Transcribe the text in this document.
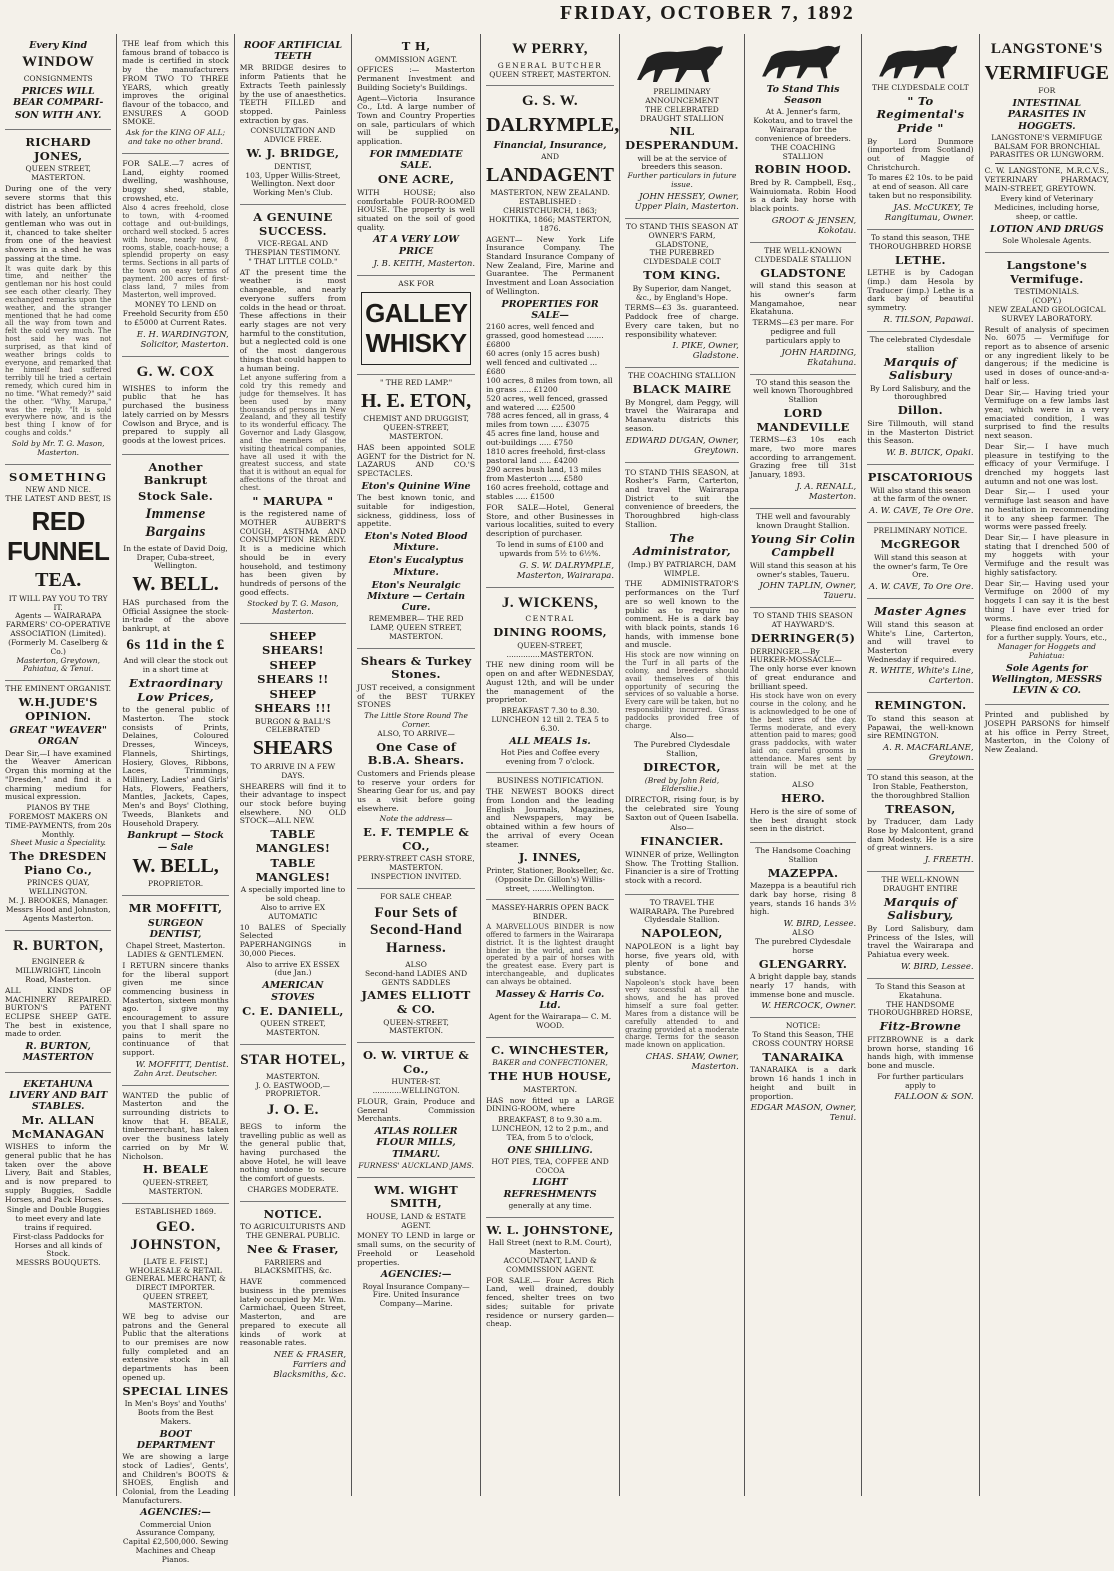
FRIDAY, OCTOBER 7, 1892
Every Kind
WINDOW
CONSIGNMENTS
PRICES WILL BEAR COMPARI-
SON WITH ANY.
RICHARD JONES,
QUEEN STREET, MASTERTON.
During one of the very severe storms that this district has been afflicted with lately, an unfortunate gentleman who was out in it, chanced to take shelter from one of the heaviest showers in a shed he was passing at the time.
It was quite dark by this time, and neither the gentleman nor his host could see each other clearly. They exchanged remarks upon the weather, and the stranger mentioned that he had come all the way from town and felt the cold very much. The host said he was not surprised, as that kind of weather brings colds to everyone, and remarked that he himself had suffered terribly till he tried a certain remedy, which cured him in no time. "What remedy?" said the other. "Why, Marupa," was the reply. "It is sold everywhere now, and is the best thing I know of for coughs and colds."
Sold by Mr. T. G. Mason, Masterton.
SOMETHING
NEW AND NICE.
THE LATEST AND BEST, IS
RED FUNNEL
TEA.
IT WILL PAY YOU TO TRY IT.
Agents — WAIRARAPA FARMERS' CO-OPERATIVE ASSOCIATION (Limited). (Formerly M. Caselberg & Co.)
Masterton, Greytown, Pahiatua, & Tenui.
THE EMINENT ORGANIST.
W.H.JUDE'S OPINION.
GREAT "WEAVER" ORGAN
Dear Sir,—I have examined the Weaver American Organ this morning at the "Dresden," and find it a charming medium for musical expression.
PIANOS BY THE FOREMOST MAKERS ON TIME-PAYMENTS, from 20s Monthly.
Sheet Music a Speciality.
The DRESDEN Piano Co.,
PRINCES QUAY, WELLINGTON.
M. J. BROOKES, Manager.
Messrs Hood and Johnston, Agents Masterton.
R. BURTON,
ENGINEER & MILLWRIGHT, Lincoln Road, Masterton.
ALL KINDS OF MACHINERY REPAIRED. BURTON'S PATENT ECLIPSE SHEEP GATE. The best in existence, made to order.
R. BURTON, MASTERTON
EKETAHUNA LIVERY AND BAIT STABLES.
Mr. ALLAN McMANAGAN
WISHES to inform the general public that he has taken over the above Livery, Bait and Stables, and is now prepared to supply Buggies, Saddle Horses, and Pack Horses.
Single and Double Buggies to meet every and late trains if required.
First-class Paddocks for Horses and all kinds of Stock.
MESSRS BOUQUETS.
THE leaf from which this famous brand of tobacco is made is certified in stock by the manufacturers FROM TWO TO THREE YEARS, which greatly improves the original flavour of the tobacco, and ENSURES A GOOD SMOKE.
Ask for the KING OF ALL; and take no other brand.
FOR SALE.—7 acres of Land, eighty roomed dwelling, washhouse, buggy shed, stable, crowshed, etc.
Also 4 acres freehold, close to town, with 4-roomed cottage and out-buildings, orchard well stocked. 5 acres with house, nearly new, 8 rooms, stable, coach-house; a splendid property on easy terms. Sections in all parts of the town on easy terms of payment. 200 acres of first-class land, 7 miles from Masterton, well improved.
MONEY TO LEND on Freehold Security from £50 to £5000 at Current Rates.
E. H. WARDINGTON, Solicitor, Masterton.
G. W. COX
WISHES to inform the public that he has purchased the business lately carried on by Messrs Cowlson and Bryce, and is prepared to supply all goods at the lowest prices.
Another Bankrupt
Stock Sale.
Immense Bargains
In the estate of David Doig, Draper, Cuba-street, Wellington.
W. BELL.
HAS purchased from the Official Assignee the stock-in-trade of the above bankrupt, at
6s 11d in the £
And will clear the stock out in a short time at
Extraordinary Low Prices,
to the general public of Masterton. The stock consists of Prints, Delaines, Coloured Dresses, Winceys, Flannels, Shirtings, Hosiery, Gloves, Ribbons, Laces, Trimmings, Millinery, Ladies' and Girls' Hats, Flowers, Feathers, Mantles, Jackets, Capes, Men's and Boys' Clothing, Tweeds, Blankets and Household Drapery.
Bankrupt — Stock — Sale
W. BELL,
PROPRIETOR.
MR MOFFITT,
SURGEON DENTIST,
Chapel Street, Masterton.
LADIES & GENTLEMEN.
I RETURN sincere thanks for the liberal support given me since commencing business in Masterton, sixteen months ago. I give my encouragement to assure you that I shall spare no pains to merit the continuance of that support.
W. MOFFITT, Dentist.
Zahn Arzt. Deutscher.
WANTED the public of Masterton and the surrounding districts to know that H. BEALE, timbermerchant, has taken over the business lately carried on by Mr W. Nicholson.
H. BEALE
QUEEN-STREET, MASTERTON.
ESTABLISHED 1869.
GEO. JOHNSTON,
[LATE E. FEIST.]
WHOLESALE & RETAIL GENERAL MERCHANT, & DIRECT IMPORTER.
QUEEN STREET, MASTERTON.
WE beg to advise our patrons and the General Public that the alterations to our premises are now fully completed and an extensive stock in all departments has been opened up.
SPECIAL LINES
In Men's Boys' and Youths' Boots from the Best Makers.
BOOT DEPARTMENT
We are showing a large stock of Ladies', Gents', and Children's BOOTS & SHOES, English and Colonial, from the Leading Manufacturers.
AGENCIES:—
Commercial Union Assurance Company, Capital £2,500,000. Sewing Machines and Cheap Pianos.
ROOF ARTIFICIAL TEETH
MR BRIDGE desires to inform Patients that he Extracts Teeth painlessly by the use of anaesthetics. TEETH FILLED and stopped. Painless extraction by gas.
CONSULTATION AND ADVICE FREE.
W. J. BRIDGE,
DENTIST,
103, Upper Willis-Street, Wellington. Next door Working Men's Club.
A GENUINE SUCCESS.
VICE-REGAL AND THESPIAN TESTIMONY.
" THAT LITTLE COLD."
AT the present time the weather is most changeable, and nearly everyone suffers from colds in the head or throat. These affections in their early stages are not very harmful to the constitution, but a neglected cold is one of the most dangerous things that could happen to a human being.
Let anyone suffering from a cold try this remedy and judge for themselves. It has been used by many thousands of persons in New Zealand, and they all testify to its wonderful efficacy. The Governor and Lady Glasgow, and the members of the visiting theatrical companies, have all used it with the greatest success, and state that it is without an equal for affections of the throat and chest.
" MARUPA "
is the registered name of MOTHER AUBERT'S COUGH, ASTHMA AND CONSUMPTION REMEDY. It is a medicine which should be in every household, and testimony has been given by hundreds of persons of the good effects.
Stocked by T. G. Mason, Masterton.
SHEEP SHEARS!
SHEEP SHEARS !!
SHEEP SHEARS !!!
BURGON & BALL'S
CELEBRATED
SHEARS
TO ARRIVE IN A FEW DAYS.
SHEARERS will find it to their advantage to inspect our stock before buying elsewhere. NO OLD STOCK—ALL NEW.
TABLE MANGLES!
TABLE MANGLES!
A specially imported line to be sold cheap.
Also to arrive EX AUTOMATIC
10 BALES of Specially Selected PAPERHANGINGS in 30,000 Pieces.
Also to arrive EX ESSEX (due Jan.)
AMERICAN STOVES
C. E. DANIELL,
QUEEN STREET, MASTERTON.
STAR HOTEL,
MASTERTON.
J. O. EASTWOOD,—PROPRIETOR.
J. O. E.
BEGS to inform the travelling public as well as the general public that, having purchased the above Hotel, he will leave nothing undone to secure the comfort of guests.
CHARGES MODERATE.
NOTICE.
TO AGRICULTURISTS AND THE GENERAL PUBLIC.
Nee & Fraser,
FARRIERS and BLACKSMITHS, &c.
HAVE commenced business in the premises lately occupied by Mr. Wm. Carmichael, Queen Street, Masterton, and are prepared to execute all kinds of work at reasonable rates.
NEE & FRASER, Farriers and Blacksmiths, &c.
T H,
OMMISSION AGENT.
OFFICES :— Masterton Permanent Investment and Building Society's Buildings.
Agent—Victoria Insurance Co., Ltd. A large number of Town and Country Properties on sale, particulars of which will be supplied on application.
FOR IMMEDIATE SALE.
ONE ACRE,
WITH HOUSE; also comfortable FOUR-ROOMED HOUSE. The property is well situated on the soil of good quality.
AT A VERY LOW PRICE
J. B. KEITH, Masterton.
ASK FOR
GALLEY WHISKY
" THE RED LAMP."
H. E. ETON,
CHEMIST AND DRUGGIST,
QUEEN-STREET, MASTERTON.
HAS been appointed SOLE AGENT for the District for N. LAZARUS AND CO.'S SPECTACLES.
Eton's Quinine Wine
The best known tonic, and suitable for indigestion, sickness, giddiness, loss of appetite.
Eton's Noted Blood Mixture.
Eton's Eucalyptus Mixture.
Eton's Neuralgic Mixture — Certain Cure.
REMEMBER— THE RED LAMP, QUEEN STREET, MASTERTON.
Shears & Turkey Stones.
JUST received, a consignment of the BEST TURKEY STONES
The Little Store Round The Corner.
ALSO, TO ARRIVE—
One Case of B.B.A. Shears.
Customers and Friends please to reserve your orders for Shearing Gear for us, and pay us a visit before going elsewhere.
Note the address—
E. F. TEMPLE & CO.,
PERRY-STREET CASH STORE, MASTERTON.
INSPECTION INVITED.
FOR SALE CHEAP.
Four Sets of Second-Hand Harness.
ALSO
Second-hand LADIES AND GENTS SADDLES
JAMES ELLIOTT & CO.
QUEEN-STREET, MASTERTON.
O. W. VIRTUE & Co.,
HUNTER-ST. ............WELLINGTON.
FLOUR, Grain, Produce and General Commission Merchants.
ATLAS ROLLER FLOUR MILLS, TIMARU.
FURNESS' AUCKLAND JAMS.
WM. WIGHT SMITH,
HOUSE, LAND & ESTATE AGENT.
MONEY TO LEND in large or small sums, on the security of Freehold or Leasehold properties.
AGENCIES:—
Royal Insurance Company—Fire. United Insurance Company—Marine.
W PERRY,
GENERAL BUTCHER
QUEEN STREET, MASTERTON.
G. S. W.
DALRYMPLE,
Financial, Insurance,
AND
LANDAGENT
MASTERTON, NEW ZEALAND.
ESTABLISHED : CHRISTCHURCH, 1863; HOKITIKA, 1866; MASTERTON, 1876.
AGENT— New York Life Insurance Company. The Standard Insurance Company of New Zealand, Fire, Marine and Guarantee. The Permanent Investment and Loan Association of Wellington.
PROPERTIES FOR SALE—
2160 acres, well fenced and grassed, good homestead ....... £6800
60 acres (only 15 acres bush) well fenced and cultivated ... £680
100 acres, 8 miles from town, all in grass ..... £1200
520 acres, well fenced, grassed and watered ..... £2500
788 acres fenced, all in grass, 4 miles from town ..... £3075
45 acres fine land, house and out-buildings ..... £750
1810 acres freehold, first-class pastoral land ..... £4200
290 acres bush land, 13 miles from Masterton ..... £580
160 acres freehold, cottage and stables ..... £1500
FOR SALE—Hotel, General Store, and other Businesses in various localities, suited to every description of purchaser.
To lend in sums of £100 and upwards from 5½ to 6½%.
G. S. W. DALRYMPLE, Masterton, Wairarapa.
J. WICKENS,
CENTRAL
DINING ROOMS,
QUEEN-STREET, ..............MASTERTON.
THE new dining room will be open on and after WEDNESDAY, August 12th, and will be under the management of the proprietor.
BREAKFAST 7.30 to 8.30. LUNCHEON 12 till 2. TEA 5 to 6.30.
ALL MEALS 1s.
Hot Pies and Coffee every evening from 7 o'clock.
BUSINESS NOTIFICATION.
THE NEWEST BOOKS direct from London and the leading English Journals, Magazines, and Newspapers, may be obtained within a few hours of the arrival of every Ocean steamer.
J. INNES,
Printer, Stationer, Bookseller, &c. (Opposite Dr. Gillon's) Willis-street, ........Wellington.
MASSEY-HARRIS OPEN BACK BINDER.
A MARVELLOUS BINDER is now offered to farmers in the Wairarapa district. It is the lightest draught binder in the world, and can be operated by a pair of horses with the greatest ease. Every part is interchangeable, and duplicates can always be obtained.
Massey & Harris Co. Ltd.
Agent for the Wairarapa— C. M. WOOD.
C. WINCHESTER,
BAKER and CONFECTIONER,
THE HUB HOUSE,
MASTERTON.
HAS now fitted up a LARGE DINING-ROOM, where
BREAKFAST, 8 to 9.30 a.m. LUNCHEON, 12 to 2 p.m., and TEA, from 5 to o'clock,
ONE SHILLING.
HOT PIES, TEA, COFFEE AND COCOA
LIGHT REFRESHMENTS
generally at any time.
W. L. JOHNSTONE,
Hall Street (next to R.M. Court), Masterton.
ACCOUNTANT, LAND & COMMISSION AGENT.
FOR SALE.— Four Acres Rich Land, well drained, doubly fenced, shelter trees on two sides; suitable for private residence or nursery garden—cheap.
PRELIMINARY ANNOUNCEMENT
THE CELEBRATED DRAUGHT STALLION
NIL DESPERANDUM.
will be at the service of breeders this season.
Further particulars in future issue.
JOHN HESSEY, Owner, Upper Plain, Masterton.
TO STAND THIS SEASON AT OWNER'S FARM, GLADSTONE,
THE PUREBRED CLYDESDALE COLT
TOM KING.
By Superior, dam Nanget, &c., by England's Hope.
TERMS—£3 3s. guaranteed. Paddock free of charge. Every care taken, but no responsibility whatever.
I. PIKE, Owner, Gladstone.
THE COACHING STALLION
BLACK MAIRE
By Mongrel, dam Peggy, will travel the Wairarapa and Manawatu districts this season.
EDWARD DUGAN, Owner, Greytown.
TO STAND THIS SEASON, at Rosher's Farm, Carterton, and travel the Wairarapa District to suit the convenience of breeders, the Thoroughbred high-class Stallion.
The Administrator,
(Imp.) BY PATRIARCH, DAM WIMPLE.
THE ADMINISTRATOR'S performances on the Turf are so well known to the public as to require no comment. He is a dark bay with black points, stands 16 hands, with immense bone and muscle.
His stock are now winning on the Turf in all parts of the colony, and breeders should avail themselves of this opportunity of securing the services of so valuable a horse. Every care will be taken, but no responsibility incurred. Grass paddocks provided free of charge.
Also—
The Purebred Clydesdale Stallion,
DIRECTOR,
(Bred by John Reid, Eldersliie.)
DIRECTOR, rising four, is by the celebrated sire Young Saxton out of Queen Isabella.
Also—
FINANCIER.
WINNER of prize, Wellington Show. The Trotting Stallion. Financier is a sire of Trotting stock with a record.
TO TRAVEL THE WAIRARAPA. The Purebred Clydesdale Stallion.
NAPOLEON,
NAPOLEON is a light bay horse, five years old, with plenty of bone and substance.
Napoleon's stock have been very successful at all the shows, and he has proved himself a sure foal getter. Mares from a distance will be carefully attended to and grazing provided at a moderate charge. Terms for the season made known on application.
CHAS. SHAW, Owner, Masterton.
To Stand This Season
At A. Jenner's farm, Kokotau, and to travel the Wairarapa for the convenience of breeders.
THE COACHING STALLION
ROBIN HOOD.
Bred by R. Campbell, Esq., Wainuiomata. Robin Hood is a dark bay horse with black points.
GROOT & JENSEN, Kokotau.
THE WELL-KNOWN CLYDESDALE STALLION
GLADSTONE
will stand this season at his owner's farm Mangamahoe, near Ekatahuna.
TERMS—£3 per mare. For pedigree and full particulars apply to
JOHN HARDING, Ekatahuna.
TO stand this season the well known Thoroughbred Stallion
LORD MANDEVILLE
TERMS—£3 10s each mare, two more mares according to arrangement. Grazing free till 31st January, 1893.
J. A. RENALL, Masterton.
THE well and favourably known Draught Stallion.
Young Sir Colin Campbell
Will stand this season at his owner's stables, Taueru.
JOHN TAPLIN, Owner, Taueru.
TO STAND THIS SEASON AT HAYWARD'S.
DERRINGER(5)
DERRINGER.—By HURKER-MOSSACLE—The only horse ever known of great endurance and brilliant speed.
His stock have won on every course in the colony, and he is acknowledged to be one of the best sires of the day. Terms moderate, and every attention paid to mares; good grass paddocks, with water laid on; careful grooms in attendance. Mares sent by train will be met at the station.
ALSO
HERO.
Hero is the sire of some of the best draught stock seen in the district.
The Handsome Coaching Stallion
MAZEPPA.
Mazeppa is a beautiful rich dark bay horse, rising 8 years, stands 16 hands 3½ high.
W. BIRD, Lessee.
ALSO
The purebred Clydesdale horse
GLENGARRY.
A bright dapple bay, stands nearly 17 hands, with immense bone and muscle.
W. HERCOCK, Owner.
NOTICE:
To Stand this Season, THE CROSS COUNTRY HORSE
TANARAIKA
TANARAIKA is a dark brown 16 hands 1 inch in height and built in proportion.
EDGAR MASON, Owner, Tenui.
THE CLYDESDALE COLT
" To Regimental's Pride "
By Lord Dunmore (imported from Scotland) out of Maggie of Christchurch.
To mares £2 10s. to be paid at end of season. All care taken but no responsibility.
JAS. McCUKEY, Te Rangitumau, Owner.
To stand this season, THE THOROUGHBRED HORSE
LETHE.
LETHE is by Cadogan (imp.) dam Hesola by Traducer (imp.) Lethe is a dark bay of beautiful symmetry.
R. TILSON, Papawai.
The celebrated Clydesdale stallion
Marquis of Salisbury
By Lord Salisbury, and the thoroughbred
Dillon.
Sire Tillmouth, will stand in the Masterton District this Season.
W. B. BUICK, Opaki.
PISCATORIOUS
Will also stand this season at the farm of the owner.
A. W. CAVE, Te Ore Ore.
PRELIMINARY NOTICE.
McGREGOR
Will stand this season at the owner's farm, Te Ore Ore.
A. W. CAVE, To Ore Ore.
Master Agnes
Will stand this season at White's Line, Carterton, and will travel to Masterton every Wednesday if required.
R. WHITE, White's Line, Carterton.
REMINGTON.
To stand this season at Papawai, the well-known sire REMINGTON.
A. R. MACFARLANE, Greytown.
TO stand this season, at the Iron Stable, Featherston, the thoroughbred Stallion
TREASON,
by Traducer, dam Lady Rose by Malcontent, grand dam Modesty. He is a sire of great winners.
J. FREETH.
THE WELL-KNOWN DRAUGHT ENTIRE
Marquis of Salisbury,
By Lord Salisbury, dam Princess of the Isles, will travel the Wairarapa and Pahiatua every week.
W. BIRD, Lessee.
To Stand this Season at Ekatahuna.
THE HANDSOME THOROUGHBRED HORSE,
Fitz-Browne
FITZBROWNE is a dark brown horse, standing 16 hands high, with immense bone and muscle.
For further particulars apply to
FALLOON & SON.
LANGSTONE'S
VERMIFUGE
FOR
INTESTINAL PARASITES IN HOGGETS.
LANGSTONE'S VERMIFUGE BALSAM FOR BRONCHIAL PARASITES OR LUNGWORM.
C. W. LANGSTONE, M.R.C.V.S., VETERINARY PHARMACY, MAIN-STREET, GREYTOWN.
Every kind of Veterinary Medicines, including horse, sheep, or cattle.
LOTION AND DRUGS
Sole Wholesale Agents.
Langstone's Vermifuge.
TESTIMONIALS.
(COPY.)
NEW ZEALAND GEOLOGICAL SURVEY LABORATORY.
Result of analysis of specimen No. 6075 — Vermifuge for report as to absence of arsenic or any ingredient likely to be dangerous; if the medicine is used in doses of ounce-and-a-half or less.
Dear Sir,— Having tried your Vermifuge on a few lambs last year, which were in a very emaciated condition, I was surprised to find the results next season.
Dear Sir,— I have much pleasure in testifying to the efficacy of your Vermifuge. I drenched my hoggets last autumn and not one was lost.
Dear Sir,— I used your vermifuge last season and have no hesitation in recommending it to any sheep farmer. The worms were passed freely.
Dear Sir,— I have pleasure in stating that I drenched 500 of my hoggets with your Vermifuge and the result was highly satisfactory.
Dear Sir,— Having used your Vermifuge on 2000 of my hoggets I can say it is the best thing I have ever tried for worms.
Please find enclosed an order for a further supply. Yours, etc.,
Manager for Hoggets and Pahiatua:
Sole Agents for Wellington, MESSRS LEVIN & CO.
Printed and published by JOSEPH PARSONS for himself at his office in Perry Street, Masterton, in the Colony of New Zealand.
